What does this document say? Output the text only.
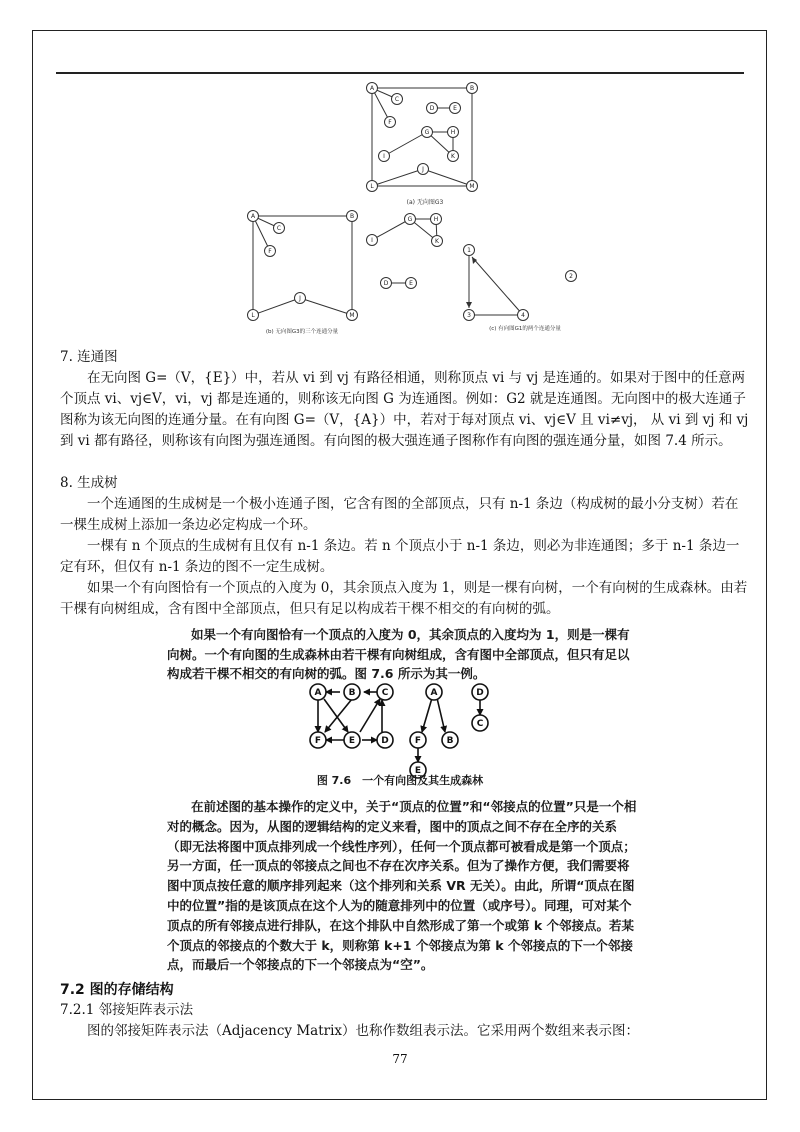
A	B
C
F
D	E
G	H
I	K
J
L	M
(a) 无向图G3
A	B
C
F
J
L	M
I
G	H
K
D	E
1
2
3	4
(b) 无向图G3的三个连通分量	(c) 有向图G1的两个连通分量

7. 连通图

在无向图 G=（V，{E}）中，若从 vi 到 vj 有路径相通，则称顶点 vi 与 vj 是连通的。如果对于图中的任意两个顶点 vi、vj∈V，vi，vj 都是连通的，则称该无向图 G 为连通图。例如：G2 就是连通图。无向图中的极大连通子图称为该无向图的连通分量。在有向图 G=（V，{A}）中，若对于每对顶点 vi、vj∈V 且 vi≠vj， 从 vi 到 vj 和 vj 到 vi 都有路径，则称该有向图为强连通图。有向图的极大强连通子图称作有向图的强连通分量，如图 7.4 所示。

8. 生成树

一个连通图的生成树是一个极小连通子图，它含有图的全部顶点，只有 n-1 条边（构成树的最小分支树）若在一棵生成树上添加一条边必定构成一个环。

一棵有 n 个顶点的生成树有且仅有 n-1 条边。若 n 个顶点小于 n-1 条边，则必为非连通图；多于 n-1 条边一定有环，但仅有 n-1 条边的图不一定生成树。

如果一个有向图恰有一个顶点的入度为 0，其余顶点入度为 1，则是一棵有向树，一个有向树的生成森林。由若干棵有向树组成，含有图中全部顶点，但只有足以构成若干棵不相交的有向树的弧。

如果一个有向图恰有一个顶点的入度为 0，其余顶点的入度均为 1，则是一棵有向树。一个有向图的生成森林由若干棵有向树组成，含有图中全部顶点，但只有足以构成若干棵不相交的有向树的弧。图 7.6 所示为其一例。

A	B	C
F	E	D
A
F	B
E
D
C

图 7.6　一个有向图及其生成森林

在前述图的基本操作的定义中，关于“顶点的位置”和“邻接点的位置”只是一个相对的概念。因为，从图的逻辑结构的定义来看，图中的顶点之间不存在全序的关系（即无法将图中顶点排列成一个线性序列），任何一个顶点都可被看成是第一个顶点；另一方面，任一顶点的邻接点之间也不存在次序关系。但为了操作方便，我们需要将图中顶点按任意的顺序排列起来（这个排列和关系 VR 无关）。由此，所谓“顶点在图中的位置”指的是该顶点在这个人为的随意排列中的位置（或序号）。同理，可对某个顶点的所有邻接点进行排队，在这个排队中自然形成了第一个或第 k 个邻接点。若某个顶点的邻接点的个数大于 k，则称第 k+1 个邻接点为第 k 个邻接点的下一个邻接点，而最后一个邻接点的下一个邻接点为“空”。

7.2 图的存储结构

7.2.1 邻接矩阵表示法

图的邻接矩阵表示法（Adjacency Matrix）也称作数组表示法。它采用两个数组来表示图：

77
